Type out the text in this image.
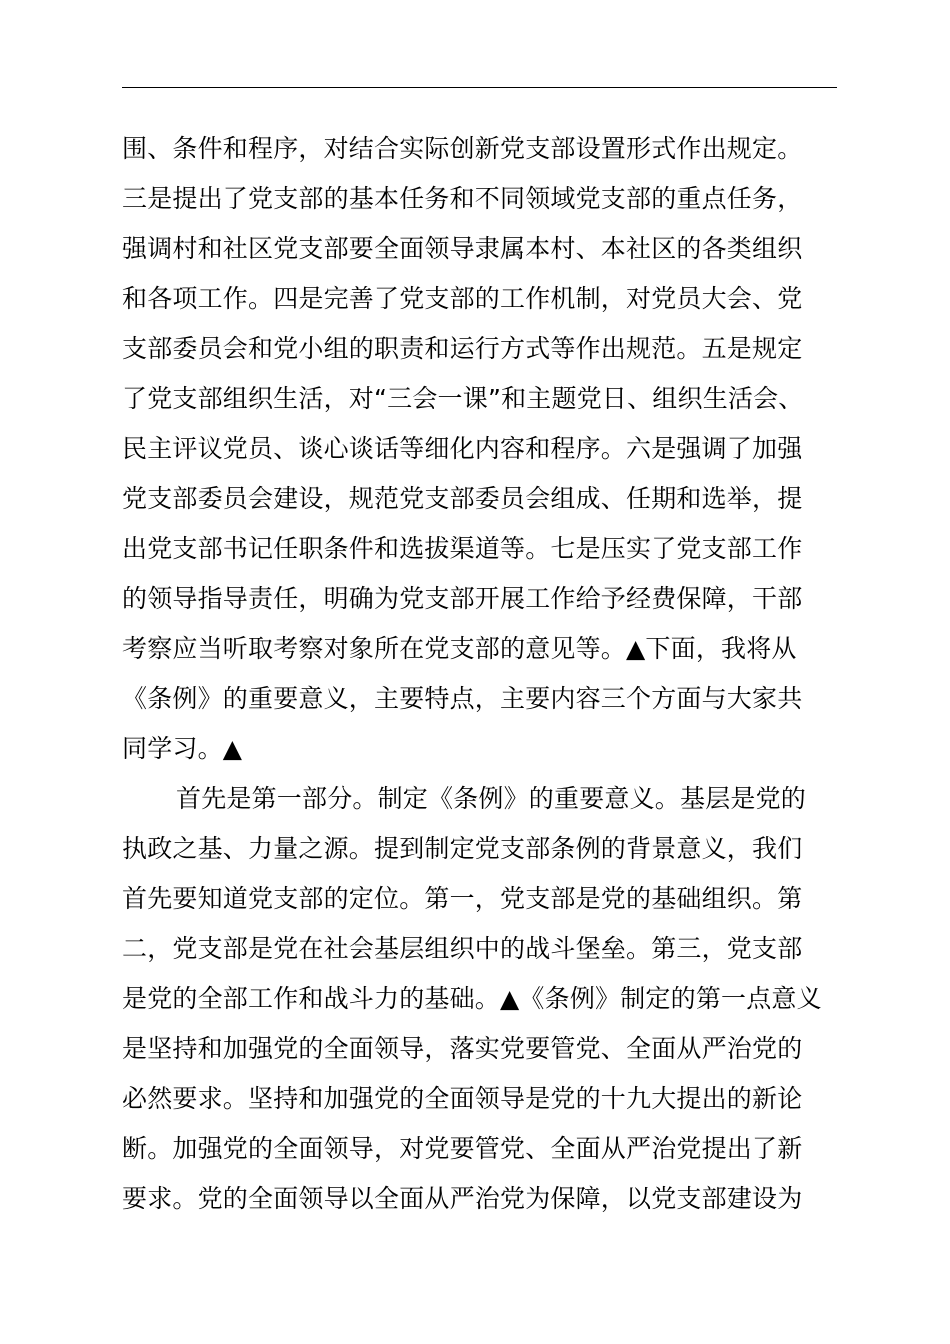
围、条件和程序，对结合实际创新党支部设置形式作出规定。
三是提出了党支部的基本任务和不同领域党支部的重点任务，
强调村和社区党支部要全面领导隶属本村、本社区的各类组织
和各项工作。四是完善了党支部的工作机制，对党员大会、党
支部委员会和党小组的职责和运行方式等作出规范。五是规定
了党支部组织生活，对“三会一课”和主题党日、组织生活会、
民主评议党员、谈心谈话等细化内容和程序。六是强调了加强
党支部委员会建设，规范党支部委员会组成、任期和选举，提
出党支部书记任职条件和选拔渠道等。七是压实了党支部工作
的领导指导责任，明确为党支部开展工作给予经费保障，干部
考察应当听取考察对象所在党支部的意见等。▲下面，我将从
《条例》的重要意义，主要特点，主要内容三个方面与大家共
同学习。▲
首先是第一部分。制定《条例》的重要意义。基层是党的
执政之基、力量之源。提到制定党支部条例的背景意义，我们
首先要知道党支部的定位。第一，党支部是党的基础组织。第
二，党支部是党在社会基层组织中的战斗堡垒。第三，党支部
是党的全部工作和战斗力的基础。▲《条例》制定的第一点意义
是坚持和加强党的全面领导，落实党要管党、全面从严治党的
必然要求。坚持和加强党的全面领导是党的十九大提出的新论
断。加强党的全面领导，对党要管党、全面从严治党提出了新
要求。党的全面领导以全面从严治党为保障，以党支部建设为
